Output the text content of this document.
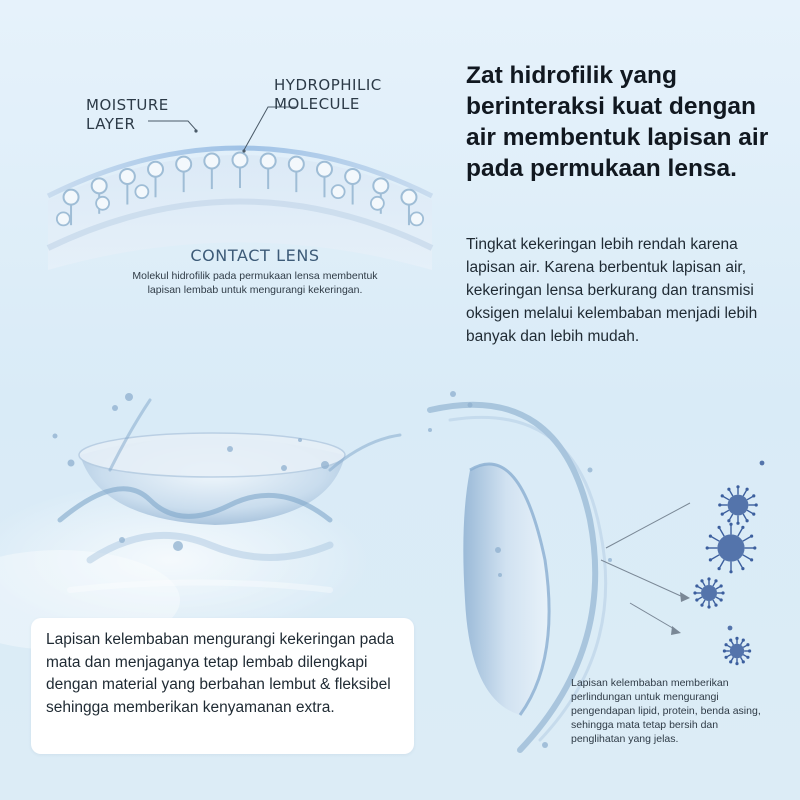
MOISTURE
LAYER
HYDROPHILIC
MOLECULE
CONTACT LENS
Molekul hidrofilik pada permukaan lensa membentuk lapisan lembab untuk mengurangi kekeringan.
Zat hidrofilik yang berinteraksi kuat dengan air membentuk lapisan air pada permukaan lensa.
Tingkat kekeringan lebih rendah karena lapisan air. Karena berbentuk lapisan air, kekeringan lensa berkurang dan transmisi oksigen melalui kelembaban menjadi lebih banyak dan lebih mudah.
Lapisan kelembaban mengurangi kekeringan pada mata dan menjaganya tetap lembab dilengkapi dengan material yang berbahan lembut & fleksibel sehingga memberikan kenyamanan extra.
Lapisan kelembaban memberikan perlindungan untuk mengurangi pengendapan lipid, protein, benda asing, sehingga mata tetap bersih dan penglihatan yang jelas.
